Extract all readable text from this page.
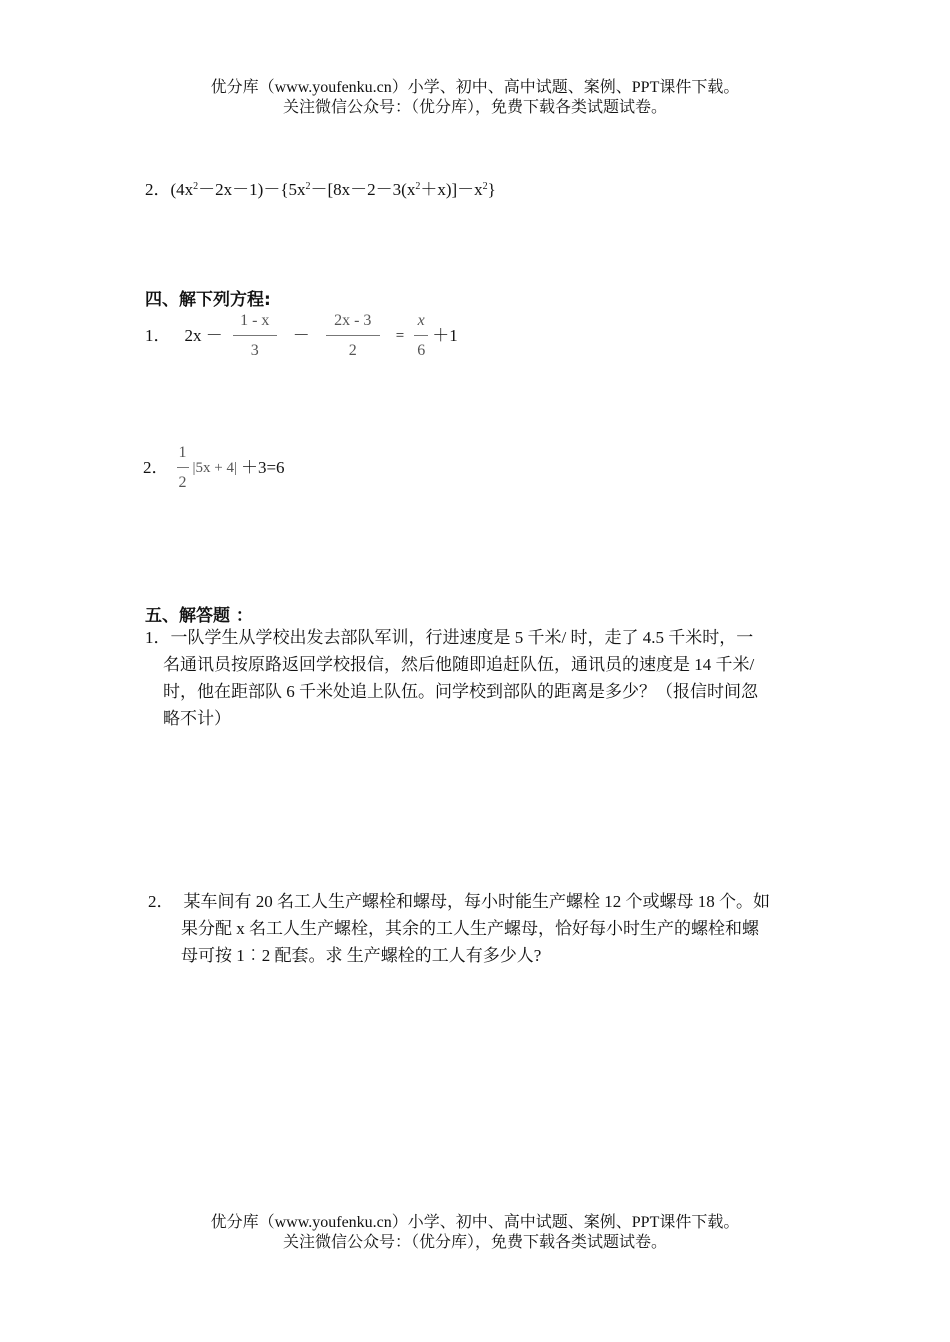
优分库（www.youfenku.cn）小学、初中、高中试题、案例、PPT课件下载。
关注微信公众号：（优分库），免费下载各类试题试卷。
2．$(4x^2-2x-1)-\{5x^2-[8x-2-3(x^2+x)]-x^2\}$
四、解下列方程:
1． $2x - \frac{1 - x}{3} - \frac{2x - 3}{2} = \frac{x}{6} +1$
2． $\frac{1}{2} |5x + 4| +3=6$
五、解答题 ：
1．一队学生从学校出发去部队军训，行进速度是 5 千米/ 时，走了 4.5 千米时，一
名通讯员按原路返回学校报信，然后他随即追赶队伍，通讯员的速度是 14 千米/
时，他在距部队 6 千米处追上队伍。问学校到部队的距离是多少？（报信时间忽
略不计）
2． 某车间有 20 名工人生产螺栓和螺母，每小时能生产螺栓 12 个或螺母 18 个。如
果分配 x 名工人生产螺栓，其余的工人生产螺母，恰好每小时生产的螺栓和螺
母可按 1︰2 配套。求 生产螺栓的工人有多少人?
优分库（www.youfenku.cn）小学、初中、高中试题、案例、PPT课件下载。
关注微信公众号：（优分库），免费下载各类试题试卷。
